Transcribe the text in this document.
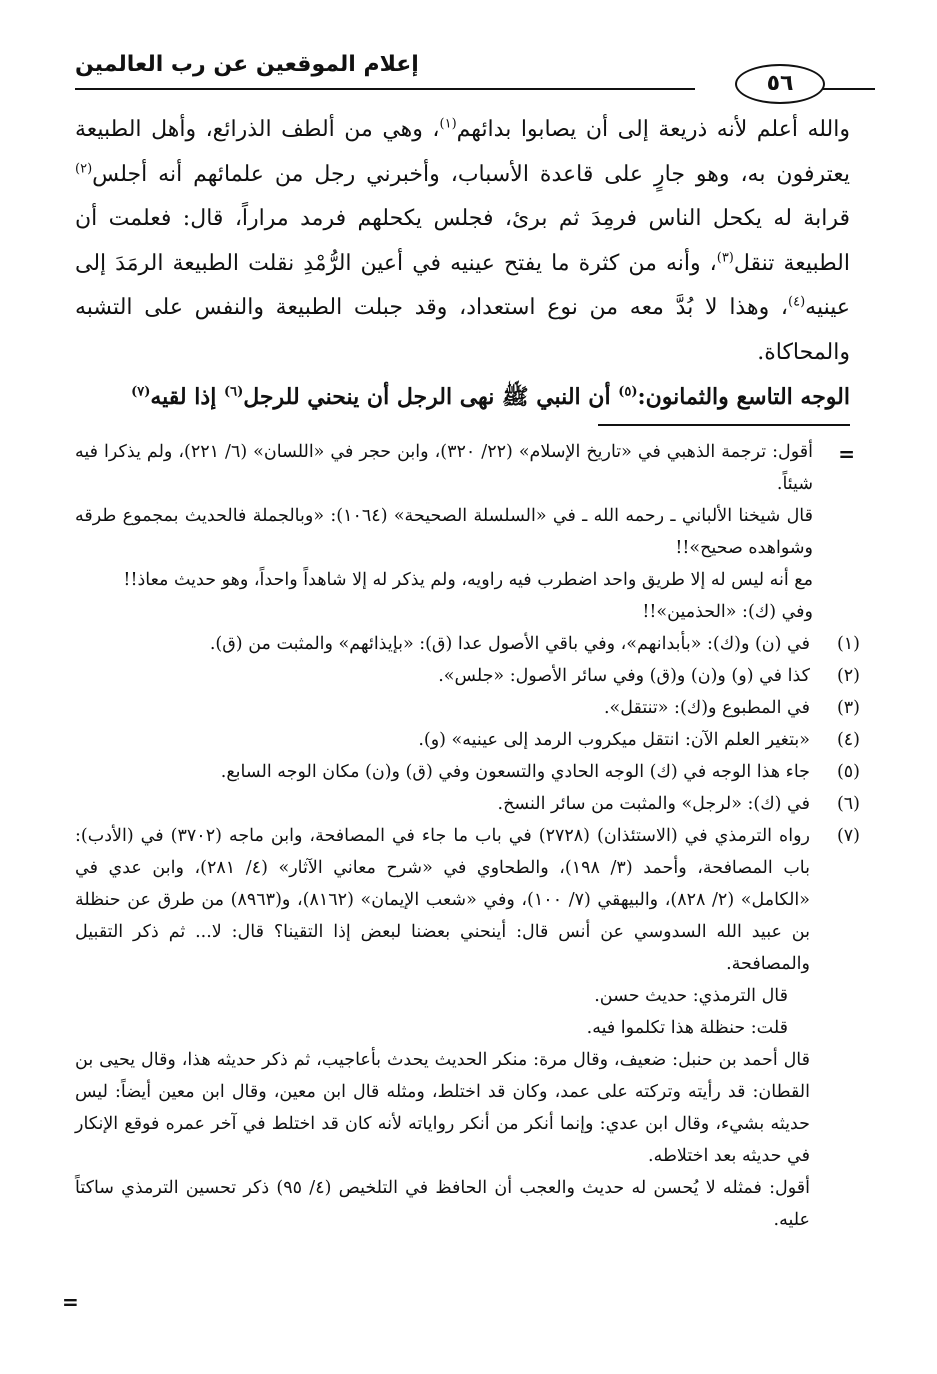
إعلام الموقعين عن رب العالمين
٥٦

والله أعلم لأنه ذريعة إلى أن يصابوا بدائهم$^{(١)}$، وهي من ألطف الذرائع، وأهل الطبيعة يعترفون به، وهو جارٍ على قاعدة الأسباب، وأخبرني رجل من علمائهم أنه أجلس$^{(٢)}$ قرابة له يكحل الناس فرمِدَ ثم برئ، فجلس يكحلهم فرمد مراراً، قال: فعلمت أن الطبيعة تنقل$^{(٣)}$، وأنه من كثرة ما يفتح عينيه في أعين الرُّمْدِ نقلت الطبيعة الرمَدَ إلى عينيه$^{(٤)}$، وهذا لا بُدَّ معه من نوع استعداد، وقد جبلت الطبيعة والنفس على التشبه والمحاكاة.

الوجه التاسع والثمانون:$^{(٥)}$ أن النبي ﷺ نهى الرجل أن ينحني للرجل$^{(٦)}$ إذا لقيه$^{(٧)}$

=

أقول: ترجمة الذهبي في «تاريخ الإسلام» (٢٢/ ٣٢٠)، وابن حجر في «اللسان» (٦/ ٢٢١)، ولم يذكرا فيه شيئاً.

قال شيخنا الألباني ـ رحمه الله ـ في «السلسلة الصحيحة» (١٠٦٤): «وبالجملة فالحديث بمجموع طرقه وشواهده صحيح»!!

مع أنه ليس له إلا طريق واحد اضطرب فيه راويه، ولم يذكر له إلا شاهداً واحداً، وهو حديث معاذ!!

وفي (ك): «الحذمين»!!

(١)
في (ن) و(ك): «بأبدانهم»، وفي باقي الأصول عدا (ق): «بإيذائهم» والمثبت من (ق).
(٢)
كذا في (و) و(ن) و(ق) وفي سائر الأصول: «جلس».
(٣)
في المطبوع و(ك): «تنتقل».
(٤)
«بتغير العلم الآن: انتقل ميكروب الرمد إلى عينيه» (و).
(٥)
جاء هذا الوجه في (ك) الوجه الحادي والتسعون وفي (ق) و(ن) مكان الوجه السابع.
(٦)
في (ك): «لرجل» والمثبت من سائر النسخ.
(٧)
رواه الترمذي في (الاستئذان) (٢٧٢٨) في باب ما جاء في المصافحة، وابن ماجه (٣٧٠٢) في (الأدب): باب المصافحة، وأحمد (٣/ ١٩٨)، والطحاوي في «شرح معاني الآثار» (٤/ ٢٨١)، وابن عدي في «الكامل» (٢/ ٨٢٨)، والبيهقي (٧/ ١٠٠)، وفي «شعب الإيمان» (٨١٦٢)، و(٨٩٦٣) من طرق عن حنظلة بن عبيد الله السدوسي عن أنس قال: أينحني بعضنا لبعض إذا التقينا؟ قال: لا... ثم ذكر التقبيل والمصافحة.

قال الترمذي: حديث حسن.

قلت: حنظلة هذا تكلموا فيه.

قال أحمد بن حنبل: ضعيف، وقال مرة: منكر الحديث يحدث بأعاجيب، ثم ذكر حديثه هذا، وقال يحيى بن القطان: قد رأيته وتركته على عمد، وكان قد اختلط، ومثله قال ابن معين، وقال ابن معين أيضاً: ليس حديثه بشيء، وقال ابن عدي: وإنما أنكر من أنكر رواياته لأنه كان قد اختلط في آخر عمره فوقع الإنكار في حديثه بعد اختلاطه.

أقول: فمثله لا يُحسن له حديث والعجب أن الحافظ في التلخيص (٤/ ٩٥) ذكر تحسين الترمذي ساكتاً عليه.

=
